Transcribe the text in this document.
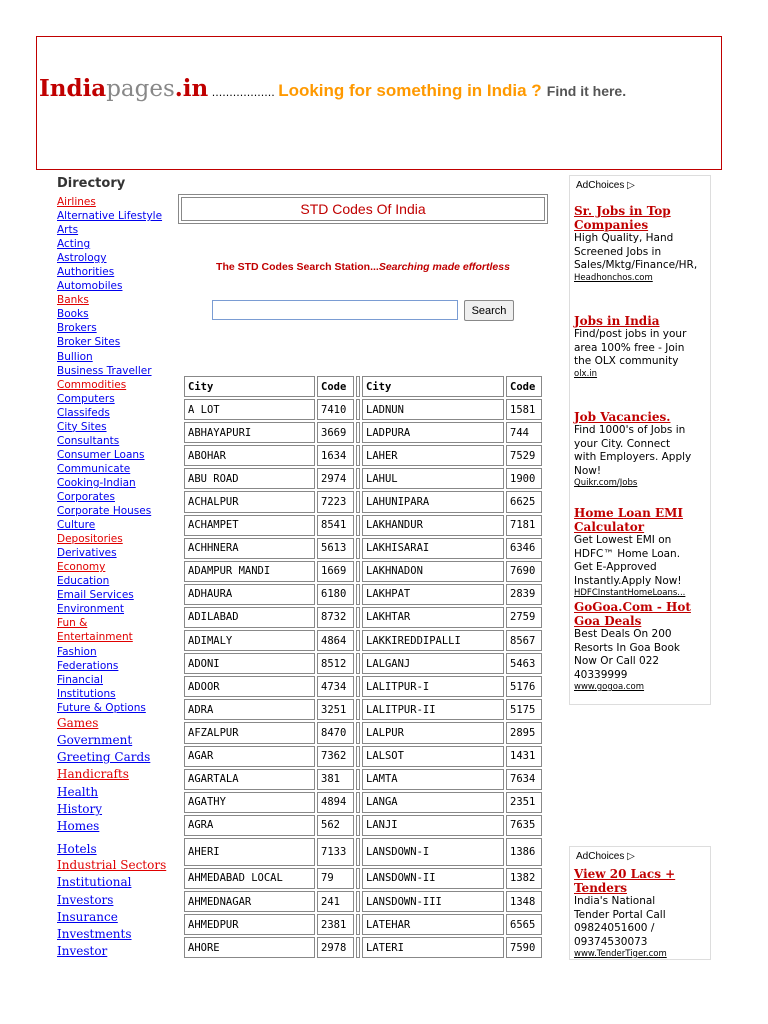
Indiapages.in .................. Looking for something in India ? Find it here.
Directory
Airlines
Alternative Lifestyle
Arts
Acting
Astrology
Authorities
Automobiles
Banks
Books
Brokers
Broker Sites
Bullion
Business Traveller
Commodities
Computers
Classifeds
City Sites
Consultants
Consumer Loans
Communicate
Cooking-Indian
Corporates
Corporate Houses
Culture
Depositories
Derivatives
Economy
Education
Email Services
Environment
Fun &
Entertainment
Fashion
Federations
Financial
Institutions
Future & Options
Games
Government
Greeting Cards
Handicrafts
Health
History
Homes
Hotels
Industrial Sectors
Institutional
Investors
Insurance
Investments
Investor
STD Codes Of India
The STD Codes Search Station...Searching made effortless
Search
City	Code		City	Code
A LOT	7410		LADNUN	1581
ABHAYAPURI	3669		LADPURA	744
ABOHAR	1634		LAHER	7529
ABU ROAD	2974		LAHUL	1900
ACHALPUR	7223		LAHUNIPARA	6625
ACHAMPET	8541		LAKHANDUR	7181
ACHHNERA	5613		LAKHISARAI	6346
ADAMPUR MANDI	1669		LAKHNADON	7690
ADHAURA	6180		LAKHPAT	2839
ADILABAD	8732		LAKHTAR	2759
ADIMALY	4864		LAKKIREDDIPALLI	8567
ADONI	8512		LALGANJ	5463
ADOOR	4734		LALITPUR-I	5176
ADRA	3251		LALITPUR-II	5175
AFZALPUR	8470		LALPUR	2895
AGAR	7362		LALSOT	1431
AGARTALA	381		LAMTA	7634
AGATHY	4894		LANGA	2351
AGRA	562		LANJI	7635
AHERI	7133		LANSDOWN-I	1386
AHMEDABAD LOCAL	79		LANSDOWN-II	1382
AHMEDNAGAR	241		LANSDOWN-III	1348
AHMEDPUR	2381		LATEHAR	6565
AHORE	2978		LATERI	7590
AdChoices ▷
Sr. Jobs in Top
Companies
High Quality, Hand
Screened Jobs in
Sales/Mktg/Finance/HR,
Headhonchos.com
Jobs in India
Find/post jobs in your
area 100% free - Join
the OLX community
olx.in
Job Vacancies.
Find 1000's of Jobs in
your City. Connect
with Employers. Apply
Now!
Quikr.com/Jobs
Home Loan EMI
Calculator
Get Lowest EMI on
HDFC™ Home Loan.
Get E-Approved
Instantly.Apply Now!
HDFCInstantHomeLoans...
GoGoa.Com - Hot
Goa Deals
Best Deals On 200
Resorts In Goa Book
Now Or Call 022
40339999
www.gogoa.com
AdChoices ▷
View 20 Lacs +
Tenders
India's National
Tender Portal Call
09824051600 /
09374530073
www.TenderTiger.com
